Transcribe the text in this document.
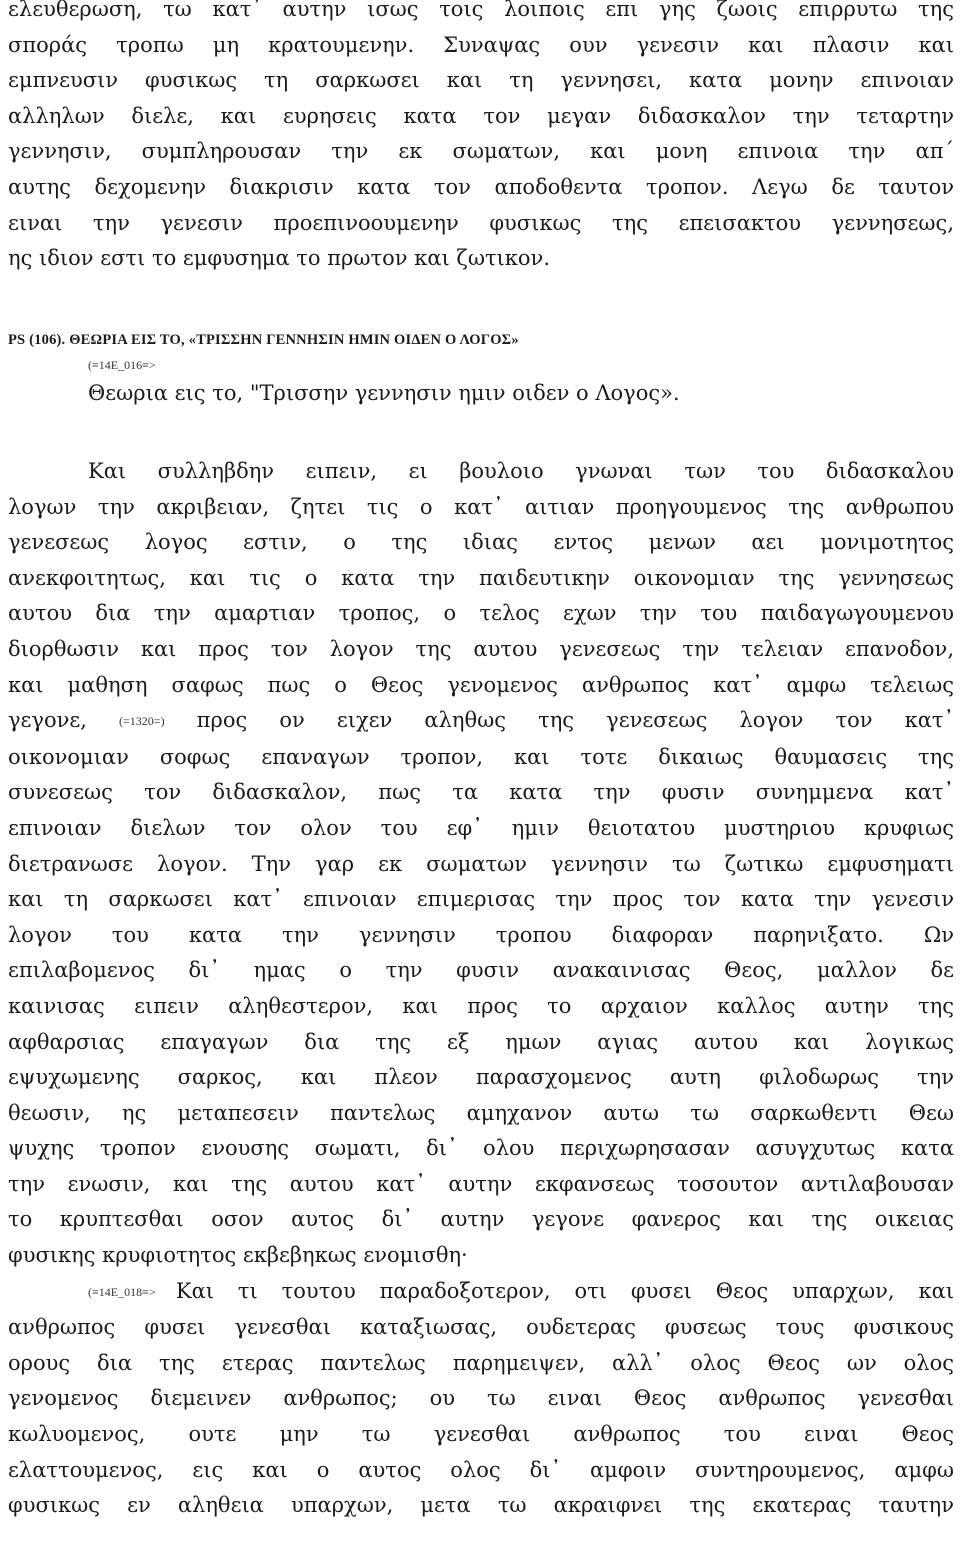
ελευθερωση, τω κατ᾽ αυτην ισως τοις λοιποις επι γης ζωοις επιρρυτω της
σποράς τροπω μη κρατουμενην. Συναψας ουν γενεσιν και πλασιν και
εμπνευσιν φυσικως τη σαρκωσει και τη γεννησει, κατα μονην επινοιαν
αλληλων διελε, και ευρησεις κατα τον μεγαν διδασκαλον την τεταρτην
γεννησιν, συμπληρουσαν την εκ σωματων, και μονη επινοια την απ΄
αυτης δεχομενην διακρισιν κατα τον αποδοθεντα τροπον. Λεγω δε ταυτον
ειναι την γενεσιν προεπινοουμενην φυσικως της επεισακτου γεννησεως,
ης ιδιον εστι το εμφυσημα το πρωτον και ζωτικον.
PS (106). ΘΕΩΡΙΑ ΕΙΣ ΤΟ, «ΤΡΙΣΣΗΝ ΓΕΝΝΗΣΙΝ ΗΜΙΝ ΟΙΔΕΝ Ο ΛΟΓΟΣ»
(≡14Ε_016≡>
Θεωρια εις το, "Τρισσην γεννησιν ημιν οιδεν ο Λογος».
Και συλληβδην ειπειν, ει βουλοιο γνωναι των του διδασκαλου
λογων την ακριβειαν, ζητει τις ο κατ᾽ αιτιαν προηγουμενος της ανθρωπου
γενεσεως λογος εστιν, ο της ιδιας εντος μενων αει μονιμοτητος
ανεκφοιτητως, και τις ο κατα την παιδευτικην οικονομιαν της γεννησεως
αυτου δια την αμαρτιαν τροπος, ο τελος εχων την του παιδαγωγουμενου
διορθωσιν και προς τον λογον της αυτου γενεσεως την τελειαν επανοδον,
και μαθηση σαφως πως ο Θεος γενομενος ανθρωπος κατ᾽ αμφω τελειως
γεγονε, (=1320=) προς ον ειχεν αληθως της γενεσεως λογον τον κατ᾽
οικονομιαν σοφως επαναγων τροπον, και τοτε δικαιως θαυμασεις της
συνεσεως τον διδασκαλον, πως τα κατα την φυσιν συνημμενα κατ᾽
επινοιαν διελων τον ολον του εφ᾽ ημιν θειοτατου μυστηριου κρυφιως
διετρανωσε λογον. Την γαρ εκ σωματων γεννησιν τω ζωτικω εμφυσηματι
και τη σαρκωσει κατ᾽ επινοιαν επιμερισας την προς τον κατα την γενεσιν
λογον του κατα την γεννησιν τροπου διαφοραν παρηνιξατο. Ων
επιλαβομενος δι᾽ ημας ο την φυσιν ανακαινισας Θεος, μαλλον δε
καινισας ειπειν αληθεστερον, και προς το αρχαιον καλλος αυτην της
αφθαρσιας επαγαγων δια της εξ ημων αγιας αυτου και λογικως
εψυχωμενης σαρκος, και πλεον παρασχομενος αυτη φιλοδωρως την
θεωσιν, ης μεταπεσειν παντελως αμηχανον αυτω τω σαρκωθεντι Θεω
ψυχης τροπον ενουσης σωματι, δι᾽ ολου περιχωρησασαν ασυγχυτως κατα
την ενωσιν, και της αυτου κατ᾽ αυτην εκφανσεως τοσουτον αντιλαβουσαν
το κρυπτεσθαι οσον αυτος δι᾽ αυτην γεγονε φανερος και της οικειας
φυσικης κρυφιοτητος εκβεβηκως ενομισθη·
(≡14Ε_018≡> Και τι τουτου παραδοξοτερον, οτι φυσει Θεος υπαρχων, και
ανθρωπος φυσει γενεσθαι καταξιωσας, ουδετερας φυσεως τους φυσικους
ορους δια της ετερας παντελως παρημειψεν, αλλ᾽ ολος Θεος ων ολος
γενομενος διεμεινεν ανθρωπος; ου τω ειναι Θεος ανθρωπος γενεσθαι
κωλυομενος, ουτε μην τω γενεσθαι ανθρωπος του ειναι Θεος
ελαττουμενος, εις και ο αυτος ολος δι᾽ αμφοιν συντηρουμενος, αμφω
φυσικως εν αληθεια υπαρχων, μετα τω ακραιφνει της εκατερας ταυτην
